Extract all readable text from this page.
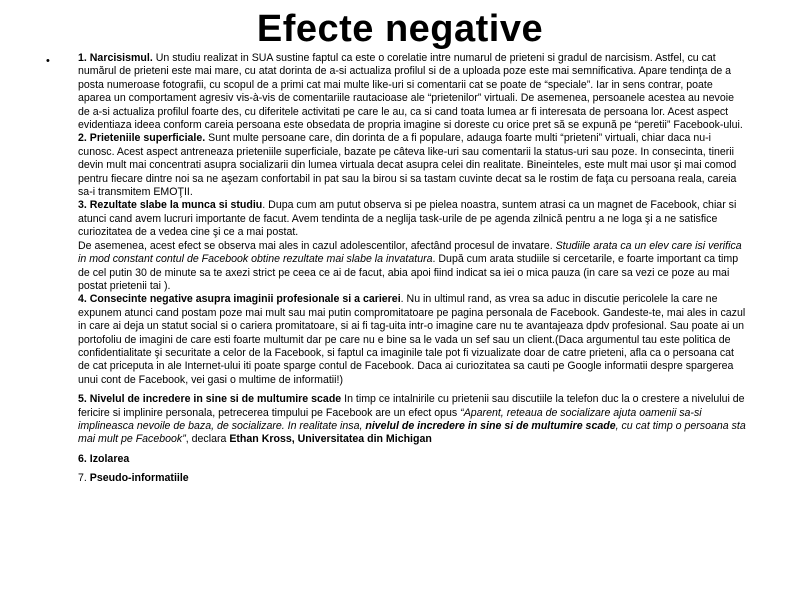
Efecte negative
•	1. Narcisismul. Un studiu realizat in SUA sustine faptul ca este o corelatie intre numarul de prieteni si gradul de narcisism. Astfel, cu cat numărul de prieteni este mai mare, cu atat dorinta de a-si actualiza profilul si de a uploada poze este mai semnificativa. Apare tendinţa de a posta numeroase fotografii, cu scopul de a primi cat mai multe like-uri si comentarii cat se poate de “speciale”. Iar in sens contrar, poate aparea un comportament agresiv vis-à-vis de comentariile rautacioase ale “prietenilor” virtuali. De asemenea, persoanele acestea au nevoie de a-si actualiza profilul foarte des, cu diferitele activitati pe care le au, ca si cand toata lumea ar fi interesata de persoana lor. Acest aspect evidentiaza ideea conform careia persoana este obsedata de propria imagine si doreste cu orice pret să se expună pe “peretii” Facebook-ului.

2. Prieteniile superficiale. Sunt multe persoane care, din dorinta de a fi populare, adauga foarte multi “prieteni” virtuali, chiar daca nu-i cunosc. Acest aspect antreneaza prieteniile superficiale, bazate pe câteva like-uri sau comentarii la status-uri sau poze. In consecinta, tinerii devin mult mai concentrati asupra socializarii din lumea virtuala decat asupra celei din realitate. Bineinteles, este mult mai usor şi mai comod pentru fiecare dintre noi sa ne aşezam confortabil in pat sau la birou si sa tastam cuvinte decat sa le rostim de faţa cu persoana reala, careia sa-i transmitem EMOŢII.

3. Rezultate slabe la munca si studiu. Dupa cum am putut observa si pe pielea noastra, suntem atrasi ca un magnet de Facebook, chiar si atunci cand avem lucruri importante de facut. Avem tendinta de a neglija task-urile de pe agenda zilnică pentru a ne loga şi a ne satisfice curiozitatea de a vedea cine şi ce a mai postat.

De asemenea, acest efect se observa mai ales in cazul adolescentilor, afectând procesul de invatare. Studiile arata ca un elev care isi verifica in mod constant contul de Facebook obtine rezultate mai slabe la invatatura. După cum arata studiile si cercetarile, e foarte important ca timp de cel putin 30 de minute sa te axezi strict pe ceea ce ai de facut, abia apoi fiind indicat sa iei o mica pauza (in care sa vezi ce poze au mai postat prietenii tai ).

4. Consecinte negative asupra imaginii profesionale si a carierei. Nu in ultimul rand, as vrea sa aduc in discutie pericolele la care ne expunem atunci cand postam poze mai mult sau mai putin compromitatoare pe pagina personala de Facebook. Gandeste-te, mai ales in cazul in care ai deja un statut social si o cariera promitatoare, si ai fi tag-uita intr-o imagine care nu te avantajeaza dpdv profesional. Sau poate ai un portofoliu de imagini de care esti foarte multumit dar pe care nu e bine sa le vada un sef sau un client.(Daca argumentul tau este politica de confidentialitate şi securitate a celor de la Facebook, si faptul ca imaginile tale pot fi vizualizate doar de catre prieteni, afla ca o persoana cat de cat priceputa in ale Internet-ului iti poate sparge contul de Facebook. Daca ai curiozitatea sa cauti pe Google informatii despre spargerea unui cont de Facebook, vei gasi o multime de informatii!)

5. Nivelul de incredere in sine si de multumire scade In timp ce intalnirile cu prietenii sau discutiile la telefon duc la o crestere a nivelului de fericire si implinire personala, petrecerea timpului pe Facebook are un efect opus “Aparent, reteaua de socializare ajuta oamenii sa-si implineasca nevoile de baza, de socializare. In realitate insa, nivelul de incredere in sine si de multumire scade, cu cat timp o persoana sta mai mult pe Facebook”, declara Ethan Kross, Universitatea din Michigan

6. Izolarea

7. Pseudo-informatiile
